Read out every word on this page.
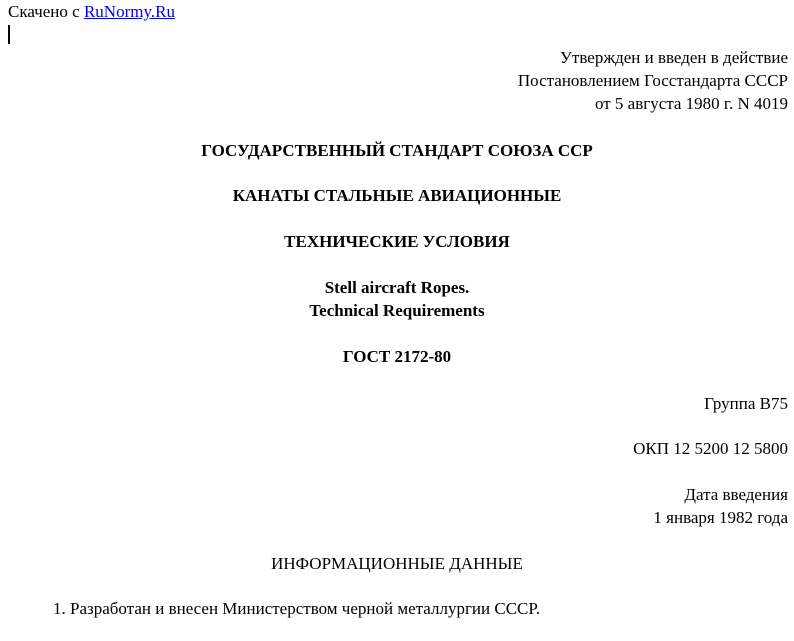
Скачено с RuNormy.Ru
Утвержден и введен в действие
Постановлением Госстандарта СССР
от 5 августа 1980 г. N 4019
ГОСУДАРСТВЕННЫЙ СТАНДАРТ СОЮЗА ССР
КАНАТЫ СТАЛЬНЫЕ АВИАЦИОННЫЕ
ТЕХНИЧЕСКИЕ УСЛОВИЯ
Stell aircraft Ropes.
Technical Requirements
ГОСТ 2172-80
Группа В75
ОКП 12 5200 12 5800
Дата введения
1 января 1982 года
ИНФОРМАЦИОННЫЕ ДАННЫЕ
1. Разработан и внесен Министерством черной металлургии СССР.
